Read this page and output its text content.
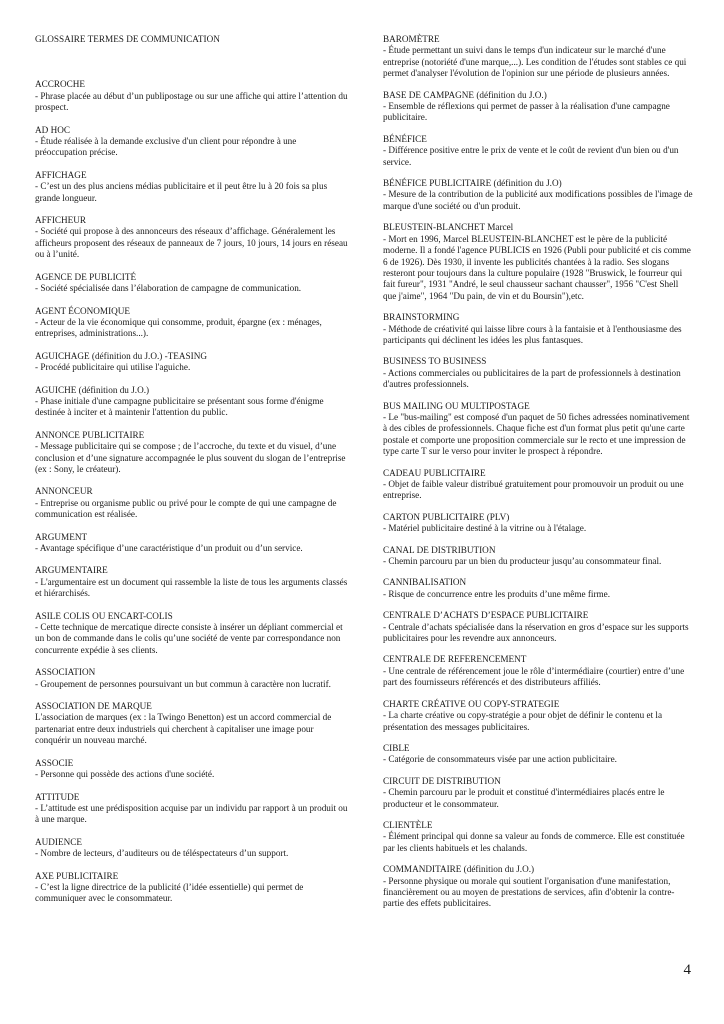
GLOSSAIRE TERMES DE COMMUNICATION

ACCROCHE
- Phrase placée au début d’un publipostage ou sur une affiche qui attire l’attention du prospect.
AD HOC
- Étude réalisée à la demande exclusive d'un client pour répondre à une préoccupation précise.
AFFICHAGE
- C’est un des plus anciens médias publicitaire et il peut être lu à 20 fois sa plus grande longueur.
AFFICHEUR
- Société qui propose à des annonceurs des réseaux d’affichage. Généralement les afficheurs proposent des réseaux de panneaux de 7 jours, 10 jours, 14 jours en réseau ou à l’unité.
AGENCE DE PUBLICITÉ
- Société spécialisée dans l’élaboration de campagne de communication.
AGENT ÉCONOMIQUE
- Acteur de la vie économique qui consomme, produit, épargne (ex : ménages, entreprises, administrations...).
AGUICHAGE (définition du J.O.) -TEASING
- Procédé publicitaire qui utilise l'aguiche.
AGUICHE (définition du J.O.)
- Phase initiale d'une campagne publicitaire se présentant sous forme d'énigme destinée à inciter et à maintenir l'attention du public.
ANNONCE PUBLICITAIRE
- Message publicitaire qui se compose ; de l’accroche, du texte et du visuel, d’une conclusion et d’une signature accompagnée le plus souvent du slogan de l’entreprise (ex : Sony, le créateur).
ANNONCEUR
- Entreprise ou organisme public ou privé pour le compte de qui une campagne de communication est réalisée.
ARGUMENT
- Avantage spécifique d’une caractéristique d’un produit ou d’un service.
ARGUMENTAIRE
- L'argumentaire est un document qui rassemble la liste de tous les arguments classés et hiérarchisés.
ASILE COLIS OU ENCART-COLIS
- Cette technique de mercatique directe consiste à insérer un dépliant commercial et un bon de commande dans le colis qu’une société de vente par correspondance non concurrente expédie à ses clients.
ASSOCIATION
- Groupement de personnes poursuivant un but commun à caractère non lucratif.
ASSOCIATION DE MARQUE
L'association de marques (ex : la Twingo Benetton) est un accord commercial de partenariat entre deux industriels qui cherchent à capitaliser une image pour conquérir un nouveau marché.
ASSOCIE
- Personne qui possède des actions d'une société.
ATTITUDE
- L’attitude est une prédisposition acquise par un individu par rapport à un produit ou à une marque.
AUDIENCE
- Nombre de lecteurs, d’auditeurs ou de téléspectateurs d’un support.
AXE PUBLICITAIRE
- C’est la ligne directrice de la publicité (l’idée essentielle) qui permet de communiquer avec le consommateur.
BAROMÈTRE
- Étude permettant un suivi dans le temps d'un indicateur sur le marché d'une entreprise (notoriété d'une marque,...). Les condition de l'études sont stables ce qui permet d'analyser l'évolution de l'opinion sur une période de plusieurs années.
BASE DE CAMPAGNE (définition du J.O.)
- Ensemble de réflexions qui permet de passer à la réalisation d'une campagne publicitaire.
BÉNÉFICE
- Différence positive entre le prix de vente et le coût de revient d'un bien ou d'un service.
BÉNÉFICE PUBLICITAIRE (définition du J.O)
- Mesure de la contribution de la publicité aux modifications possibles de l'image de marque d'une société ou d'un produit.
BLEUSTEIN-BLANCHET Marcel
- Mort en 1996, Marcel BLEUSTEIN-BLANCHET est le père de la publicité moderne. Il a fondé l'agence PUBLICIS en 1926 (Publi pour publicité et cis comme 6 de 1926). Dès 1930, il invente les publicités chantées à la radio. Ses slogans resteront pour toujours dans la culture populaire (1928 "Bruswick, le fourreur qui fait fureur", 1931 "André, le seul chausseur sachant chausser", 1956 "C'est Shell que j'aime", 1964 "Du pain, de vin et du Boursin"),etc.
BRAINSTORMING
- Méthode de créativité qui laisse libre cours à la fantaisie et à l'enthousiasme des participants qui déclinent les idées les plus fantasques.
BUSINESS TO BUSINESS
- Actions commerciales ou publicitaires de la part de professionnels à destination d'autres professionnels.
BUS MAILING OU MULTIPOSTAGE
- Le "bus-mailing" est composé d'un paquet de 50 fiches adressées nominativement à des cibles de professionnels. Chaque fiche est d'un format plus petit qu'une carte postale et comporte une proposition commerciale sur le recto et une impression de type carte T sur le verso pour inviter le prospect à répondre.
CADEAU PUBLICITAIRE
- Objet de faible valeur distribué gratuitement pour promouvoir un produit ou une entreprise.
CARTON PUBLICITAIRE (PLV)
- Matériel publicitaire destiné à la vitrine ou à l'étalage.
CANAL DE DISTRIBUTION
- Chemin parcouru par un bien du producteur jusqu’au consommateur final.
CANNIBALISATION
- Risque de concurrence entre les produits d’une même firme.
CENTRALE D’ACHATS D’ESPACE PUBLICITAIRE
- Centrale d’achats spécialisée dans la réservation en gros d’espace sur les supports publicitaires pour les revendre aux annonceurs.
CENTRALE DE REFERENCEMENT
- Une centrale de référencement joue le rôle d’intermédiaire (courtier) entre d’une part des fournisseurs référencés et des distributeurs affiliés.
CHARTE CRÉATIVE OU COPY-STRATEGIE
- La charte créative ou copy-stratégie a pour objet de définir le contenu et la présentation des messages publicitaires.
CIBLE
- Catégorie de consommateurs visée par une action publicitaire.
CIRCUIT DE DISTRIBUTION
- Chemin parcouru par le produit et constitué d'intermédiaires placés entre le producteur et le consommateur.
CLIENTÈLE
- Élément principal qui donne sa valeur au fonds de commerce. Elle est constituée par les clients habituels et les chalands.
COMMANDITAIRE (définition du J.O.)
- Personne physique ou morale qui soutient l'organisation d'une manifestation, financièrement ou au moyen de prestations de services, afin d'obtenir la contre-partie des effets publicitaires.
4
